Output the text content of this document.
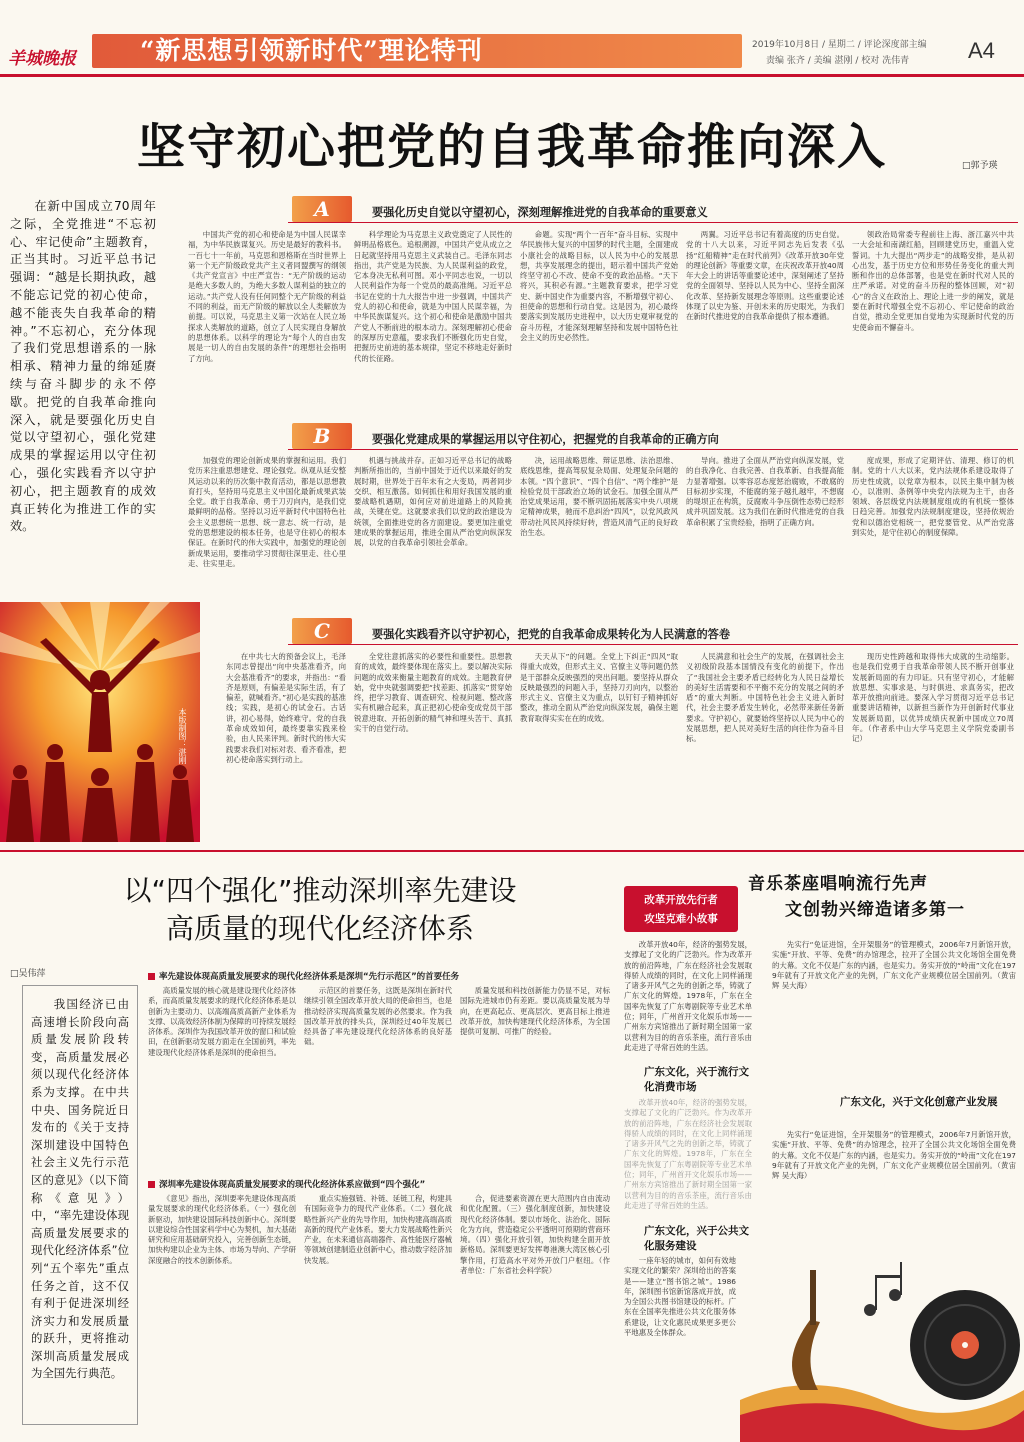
羊城晚报	“新思想引领新时代”理论特刊	2019年10月8日 / 星期二 / 评论深度部主编
责编 张齐 / 美编 湛刚 / 校对 冼伟青	A4
坚守初心把党的自我革命推向深入	□郭予瑛

在新中国成立70周年之际，全党推进“不忘初心、牢记使命”主题教育，正当其时。习近平总书记强调：“越是长期执政，越不能忘记党的初心使命，越不能丧失自我革命的精神。”不忘初心，充分体现了我们党思想谱系的一脉相承、精神力量的绵延赓续与奋斗脚步的永不停歇。把党的自我革命推向深入，就是要强化历史自觉以守望初心，强化党建成果的掌握运用以守住初心，强化实践看齐以守护初心，把主题教育的成效真正转化为推进工作的实效。

本版制图：湛刚
A	要强化历史自觉以守望初心，深刻理解推进党的自我革命的重要意义

中国共产党的初心和使命是为中国人民谋幸福，为中华民族谋复兴。历史是最好的教科书。一百七十一年前，马克思和恩格斯在当时世界上第一个无产阶级政党共产主义者同盟撰写的纲领《共产党宣言》中庄严宣告：“无产阶级的运动是绝大多数人的，为绝大多数人谋利益的独立的运动。”共产党人没有任何同整个无产阶级的利益不同的利益，而无产阶级的解放以全人类解放为前提。可以说，马克思主义第一次站在人民立场探求人类解放的道路，创立了人民实现自身解放的思想体系。以科学的理论为“每个人的自由发展是一切人的自由发展的条件”的理想社会指明了方向。

科学理论为马克思主义政党奠定了人民性的鲜明品格底色。追根溯源，中国共产党从成立之日起就坚持用马克思主义武装自己。毛泽东同志指出，共产党是为民族、为人民谋利益的政党，它本身决无私利可图。邓小平同志也说，一切以人民利益作为每一个党员的最高准绳。习近平总书记在党的十九大报告中进一步强调，中国共产党人的初心和使命，就是为中国人民谋幸福，为中华民族谋复兴。这个初心和使命是激励中国共产党人不断前进的根本动力。深刻理解初心使命的深厚历史意蕴，要求我们不断强化历史自觉，把握历史前进的基本规律，坚定不移地走好新时代的长征路。

命题。实现“两个一百年”奋斗目标、实现中华民族伟大复兴的中国梦的时代主题，全面建成小康社会的战略目标，以人民为中心的发展思想，共享发展理念的提出，昭示着中国共产党始终坚守初心不改、使命不变的政治品格。“天下将兴，其积必有源。”主题教育要求，把学习党史、新中国史作为重要内容，不断增强守初心、担使命的思想和行动自觉。这是因为，初心最终要落实到发展历史进程中，以大历史观审视党的奋斗历程，才能深刻理解坚持和发展中国特色社会主义的历史必然性。

两翼。习近平总书记有着高度的历史自觉。党的十八大以来，习近平同志先后发表《弘扬“红船精神”走在时代前列》《改革开放30年党的理论创新》等重要文章，在庆祝改革开放40周年大会上的讲话等重要论述中，深刻阐述了坚持党的全面领导、坚持以人民为中心、坚持全面深化改革、坚持新发展理念等原则。这些重要论述体现了以史为鉴、开创未来的历史眼光，为我们在新时代推进党的自我革命提供了根本遵循。

领政治局常委专程前往上海、浙江嘉兴中共一大会址和南湖红船，回顾建党历史，重温入党誓词。十九大提出“两步走”的战略安排，是从初心出发，基于历史方位和形势任务变化的重大判断和作出的总体部署，也是党在新时代对人民的庄严承诺。对党的奋斗历程的整体回顾，对“初心”的含义在政治上、理论上进一步的阐发，就是要在新时代增强全党不忘初心、牢记使命的政治自觉，推动全党更加自觉地为实现新时代党的历史使命而不懈奋斗。

B	要强化党建成果的掌握运用以守住初心，把握党的自我革命的正确方向

加强党的理论创新成果的掌握和运用。我们党历来注重思想建党、理论强党。纵观从延安整风运动以来的历次集中教育活动，都是以思想教育打头，坚持用马克思主义中国化最新成果武装全党。敢于自我革命、勇于刀刃向内，是我们党最鲜明的品格。坚持以习近平新时代中国特色社会主义思想统一思想、统一意志、统一行动，是党的思想建设的根本任务，也是守住初心的根本保证。在新时代的伟大实践中，加强党的理论创新成果运用，要推动学习贯彻往深里走、往心里走、往实里走。

机遇与挑战并存。正如习近平总书记的战略判断所指出的，当前中国处于近代以来最好的发展时期，世界处于百年未有之大变局，两者同步交织、相互激荡。如何抓住和用好我国发展的重要战略机遇期，如何应对前进道路上的风险挑战，关键在党。这就要求我们以党的政治建设为统领，全面推进党的各方面建设。要更加注重党建成果的掌握运用，推进全面从严治党向纵深发展，以党的自我革命引领社会革命。

决，运用战略思维、辩证思维、法治思维、底线思维，提高驾驭复杂局面、处理复杂问题的本领。“四个意识”、“四个自信”、“两个维护”是检验党员干部政治立场的试金石。加强全面从严治党成果运用，要不断巩固拓展落实中央八项规定精神成果，驰而不息纠治“四风”，以党风政风带动社风民风持续好转，营造风清气正的良好政治生态。

导向。推进了全面从严治党向纵深发展，党的自我净化、自我完善、自我革新、自我提高能力显著增强。以零容忍态度惩治腐败，不敢腐的目标初步实现，不能腐的笼子越扎越牢，不想腐的堤坝正在构筑，反腐败斗争压倒性态势已经形成并巩固发展。这为我们在新时代推进党的自我革命积累了宝贵经验，指明了正确方向。

度成果，形成了定期评估、清理、修订的机制。党的十八大以来，党内法规体系建设取得了历史性成就，以党章为根本，以民主集中制为核心，以准则、条例等中央党内法规为主干，由各领域、各层级党内法规制度组成的有机统一整体日趋完善。加强党内法规制度建设，坚持依规治党和以德治党相统一，把党要管党、从严治党落到实处，是守住初心的制度保障。

C	要强化实践看齐以守护初心，把党的自我革命成果转化为人民满意的答卷

在中共七大的预备会议上，毛泽东同志曾提出“向中央基准看齐，向大会基准看齐”的要求，并指出：“看齐是原则，有偏差是实际生活，有了偏差，就喊看齐。”初心是实践的基准线；实践，是初心的试金石。古话讲，初心易得，始终难守。党的自我革命成效如何，最终要靠实践来检验，由人民来评判。新时代的伟大实践要求我们对标对表、看齐看准，把初心使命落实到行动上。

全党往意抓落实的必要性和重要性。思想教育的成效，最终要体现在落实上。要以解决实际问题的成效来衡量主题教育的成效。主题教育伊始，党中央就强调要把“找差距、抓落实”贯穿始终，把学习教育、调查研究、检视问题、整改落实有机融合起来，真正把初心使命变成党员干部锐意进取、开拓创新的精气神和埋头苦干、真抓实干的自觉行动。

天天从下”的问题。全党上下纠正“四风”取得重大成效，但形式主义、官僚主义等问题仍然是干部群众反映强烈的突出问题。要坚持从群众反映最强烈的问题入手，坚持刀刃向内，以整治形式主义、官僚主义为重点，以钉钉子精神抓好整改，推动全面从严治党向纵深发展，确保主题教育取得实实在在的成效。

人民满意和社会生产的发展，在强调社会主义初级阶段基本国情没有变化的前提下，作出了“我国社会主要矛盾已经转化为人民日益增长的美好生活需要和不平衡不充分的发展之间的矛盾”的重大判断。中国特色社会主义进入新时代，社会主要矛盾发生转化，必然带来新任务新要求。守护初心，就要始终坚持以人民为中心的发展思想，把人民对美好生活的向往作为奋斗目标。

现历史性跨越和取得伟大成就的生动缩影。也是我们党勇于自我革命带领人民不断开创事业发展新局面的有力印证。只有坚守初心，才能解放思想、实事求是、与时俱进、求真务实，把改革开放推向前进。要深入学习贯彻习近平总书记重要讲话精神，以新担当新作为开创新时代事业发展新局面，以优异成绩庆祝新中国成立70周年。（作者系中山大学马克思主义学院党委副书记）

以“四个强化”推动深圳率先建设
高质量的现代化经济体系
□吴伟萍

我国经济已由高速增长阶段向高质量发展阶段转变，高质量发展必须以现代化经济体系为支撑。在中共中央、国务院近日发布的《关于支持深圳建设中国特色社会主义先行示范区的意见》（以下简称《意见》）中，“率先建设体现高质量发展要求的现代化经济体系”位列“五个率先”重点任务之首，这不仅有利于促进深圳经济实力和发展质量的跃升，更将推动深圳高质量发展成为全国先行典范。

率先建设体现高质量发展要求的现代化经济体系是深圳“先行示范区”的首要任务

高质量发展的核心就是建设现代化经济体系，而高质量发展要求的现代化经济体系是以创新为主要动力、以高端高质高新产业体系为支撑、以高效经济体制为保障的可持续发展经济体系。深圳作为我国改革开放的窗口和试验田，在创新驱动发展方面走在全国前列，率先建设现代化经济体系是深圳的使命担当。

示范区的首要任务，这既是深圳在新时代继续引领全国改革开放大局的使命担当，也是推动经济实现高质量发展的必然要求。作为我国改革开放的排头兵，深圳经过40年发展已经具备了率先建设现代化经济体系的良好基础。

质量发展和科技创新能力仍显不足，对标国际先进城市仍有差距。要以高质量发展为导向，在更高起点、更高层次、更高目标上推进改革开放，加快构建现代化经济体系，为全国提供可复制、可推广的经验。

深圳率先建设体现高质量发展要求的现代化经济体系应做到“四个强化”

《意见》指出，深圳要率先建设体现高质量发展要求的现代化经济体系。（一）强化创新驱动，加快建设国际科技创新中心。深圳要以建设综合性国家科学中心为契机，加大基础研究和应用基础研究投入，完善创新生态链，加快构建以企业为主体、市场为导向、产学研深度融合的技术创新体系。

重点实施强链、补链、延链工程，构建具有国际竞争力的现代产业体系。（二）强化战略性新兴产业的先导作用，加快构建高端高质高新的现代产业体系。要大力发展战略性新兴产业，在未来通信高端器件、高性能医疗器械等领域创建制造业创新中心，推动数字经济加快发展。

合，促进要素资源在更大范围内自由流动和优化配置。（三）强化制度创新，加快建设现代化经济体制。要以市场化、法治化、国际化为方向，营造稳定公平透明可预期的营商环境。（四）强化开放引领，加快构建全面开放新格局。深圳要更好发挥粤港澳大湾区核心引擎作用，打造高水平对外开放门户枢纽。（作者单位：广东省社会科学院）

改革开放先行者
攻坚克难小故事
音乐茶座唱响流行先声
文创勃兴缔造诸多第一

改革开放40年，经济的强势发展，支撑起了文化的广泛勃兴。作为改革开放的前沿阵地，广东在经济社会发展取得骄人成绩的同时，在文化上同样涌现了诸多开风气之先的创新之举，铸就了广东文化的辉煌。1978年，广东在全国率先恢复了广东粤剧院等专业艺术单位；同年，广州首开文化娱乐市场——广州东方宾馆推出了新时期全国第一家以营利为目的的音乐茶座，流行音乐由此走进了寻常百姓的生活。

广东文化，兴于流行文化消费市场

改革开放40年，经济的强势发展，支撑起了文化的广泛勃兴。作为改革开放的前沿阵地，广东在经济社会发展取得骄人成绩的同时，在文化上同样涌现了诸多开风气之先的创新之举，铸就了广东文化的辉煌。1978年，广东在全国率先恢复了广东粤剧院等专业艺术单位；同年，广州首开文化娱乐市场——广州东方宾馆推出了新时期全国第一家以营利为目的的音乐茶座，流行音乐由此走进了寻常百姓的生活。

广东文化，兴于公共文化服务建设

一座年轻的城市，如何有效地实现文化的繁荣？深圳给出的答案是——建立“图书馆之城”。1986年，深圳图书馆新馆落成开放，成为全国公共图书馆建设的标杆。广东在全国率先推进公共文化服务体系建设，让文化惠民成果更多更公平地惠及全体群众。

先实行“免证进馆，全开架服务”的管理模式，2006年7月新馆开放，实施“开放、平等、免费”的办馆理念，拉开了全国公共文化场馆全面免费的大幕。文化不仅是广东的内涵，也是实力。务实开放的“岭南”文化在1979年就有了开放文化产业的先例，广东文化产业规模位居全国前列。（黄宙辉 吴大海）

广东文化，兴于文化创意产业发展

先实行“免证进馆，全开架服务”的管理模式，2006年7月新馆开放，实施“开放、平等、免费”的办馆理念，拉开了全国公共文化场馆全面免费的大幕。文化不仅是广东的内涵，也是实力。务实开放的“岭南”文化在1979年就有了开放文化产业的先例，广东文化产业规模位居全国前列。（黄宙辉 吴大海）
